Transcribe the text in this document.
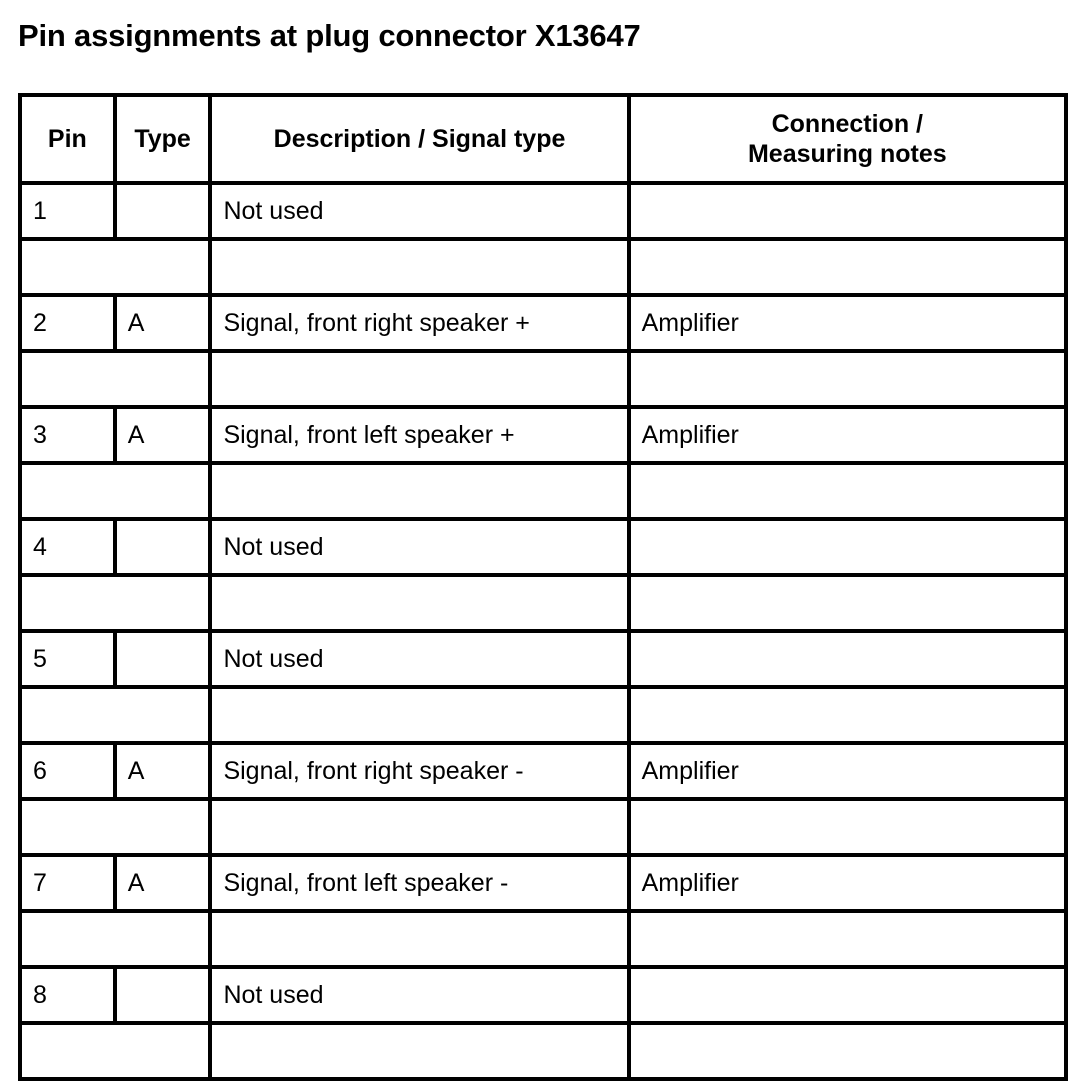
Pin assignments at plug connector X13647
Pin	Type	Description / Signal type	Connection /
Measuring notes
1		Not used	

2	A	Signal, front right speaker +	Amplifier

3	A	Signal, front left speaker +	Amplifier

4		Not used	

5		Not used	

6	A	Signal, front right speaker -	Amplifier

7	A	Signal, front left speaker -	Amplifier

8		Not used	
